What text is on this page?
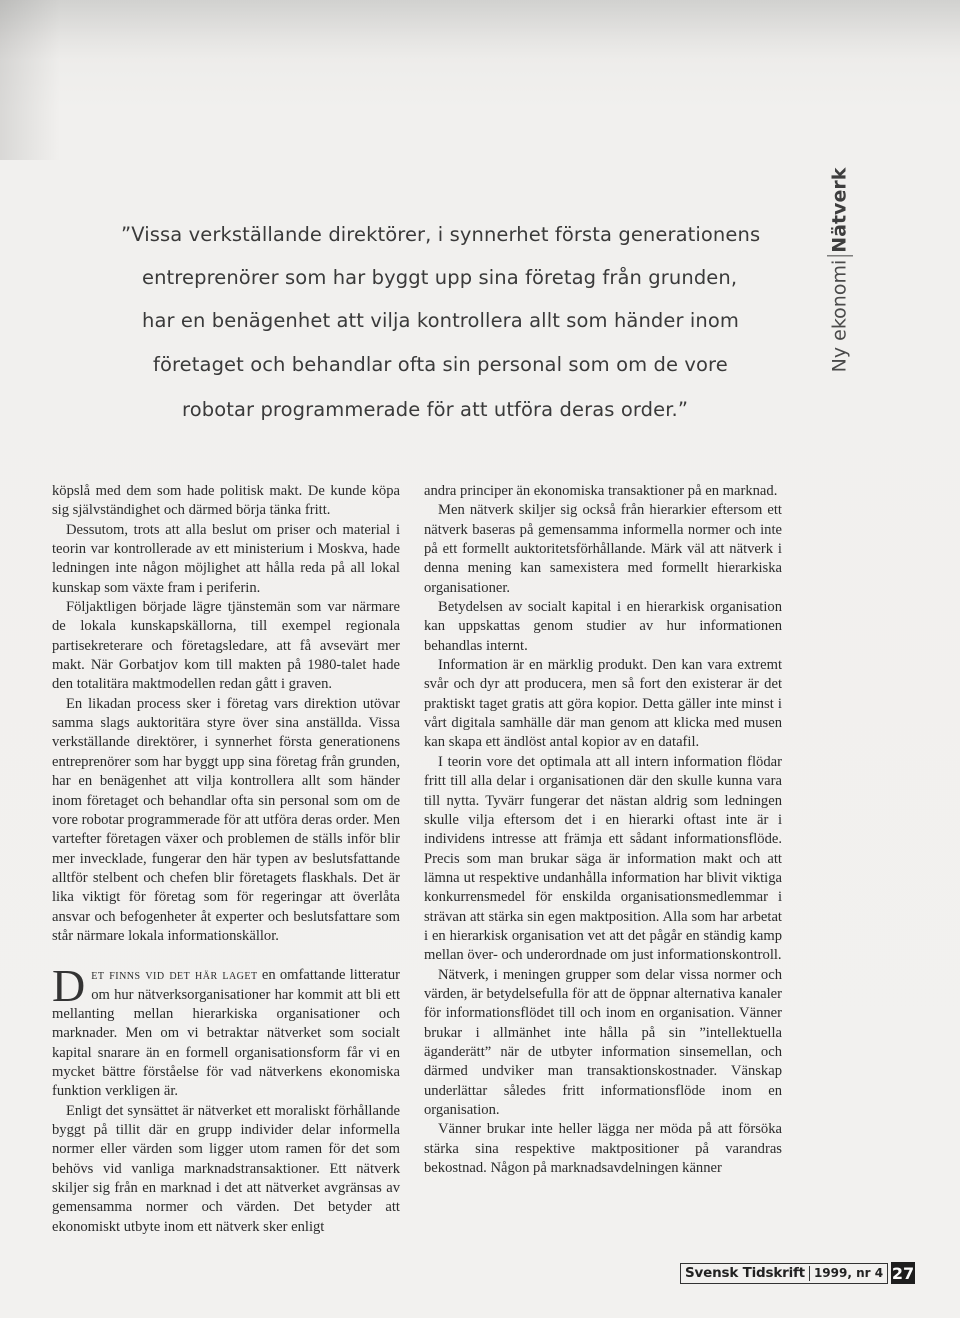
”Vissa verkställande direktörer, i synnerhet första generationens
entreprenörer som har byggt upp sina företag från grunden,
har en benägenhet att vilja kontrollera allt som händer inom
företaget och behandlar ofta sin personal som om de vore
robotar programmerade för att utföra deras order.”
Ny ekonomiNätverk

köpslå med dem som hade politisk makt. De kunde köpa sig självständighet och därmed börja tänka fritt.

Dessutom, trots att alla beslut om priser och material i teorin var kontrollerade av ett ministerium i Moskva, hade ledningen inte någon möjlighet att hålla reda på all lokal kunskap som växte fram i periferin.

Följaktligen började lägre tjänstemän som var närmare de lokala kunskapskällorna, till exempel regionala partisekreterare och företagsledare, att få avsevärt mer makt. När Gorbatjov kom till makten på 1980-talet hade den totalitära maktmodellen redan gått i graven.

En likadan process sker i företag vars direktion utövar samma slags auktoritära styre över sina anställda. Vissa verkställande direktörer, i synnerhet första generationens entreprenörer som har byggt upp sina företag från grunden, har en benägenhet att vilja kontrollera allt som händer inom företaget och behandlar ofta sin personal som om de vore robotar programmerade för att utföra deras order. Men vartefter företagen växer och problemen de ställs inför blir mer invecklade, fungerar den här typen av beslutsfattande alltför stelbent och chefen blir företagets flaskhals. Det är lika viktigt för företag som för regeringar att överlåta ansvar och befogenheter åt experter och beslutsfattare som står närmare lokala informationskällor.

Det finns vid det här laget en omfattande litteratur om hur nätverksorganisationer har kommit att bli ett mellanting mellan hierarkiska organisationer och marknader. Men om vi betraktar nätverket som socialt kapital snarare än en formell organisationsform får vi en mycket bättre förståelse för vad nätverkens ekonomiska funktion verkligen är.

Enligt det synsättet är nätverket ett moraliskt förhållande byggt på tillit där en grupp individer delar informella normer eller värden som ligger utom ramen för det som behövs vid vanliga marknadstransaktioner. Ett nätverk skiljer sig från en marknad i det att nätverket avgränsas av gemensamma normer och värden. Det betyder att ekonomiskt utbyte inom ett nätverk sker enligt

andra principer än ekonomiska transaktioner på en marknad.

Men nätverk skiljer sig också från hierarkier eftersom ett nätverk baseras på gemensamma informella normer och inte på ett formellt auktoritetsförhållande. Märk väl att nätverk i denna mening kan samexistera med formellt hierarkiska organisationer.

Betydelsen av socialt kapital i en hierarkisk organisation kan uppskattas genom studier av hur informationen behandlas internt.

Information är en märklig produkt. Den kan vara extremt svår och dyr att producera, men så fort den existerar är det praktiskt taget gratis att göra kopior. Detta gäller inte minst i vårt digitala samhälle där man genom att klicka med musen kan skapa ett ändlöst antal kopior av en datafil.

I teorin vore det optimala att all intern information flödar fritt till alla delar i organisationen där den skulle kunna vara till nytta. Tyvärr fungerar det nästan aldrig som ledningen skulle vilja eftersom det i en hierarki oftast inte är i individens intresse att främja ett sådant informationsflöde. Precis som man brukar säga är information makt och att lämna ut respektive undanhålla information har blivit viktiga konkurrensmedel för enskilda organisationsmedlemmar i strävan att stärka sin egen maktposition. Alla som har arbetat i en hierarkisk organisation vet att det pågår en ständig kamp mellan över- och underordnade om just informationskontroll.

Nätverk, i meningen grupper som delar vissa normer och värden, är betydelsefulla för att de öppnar alternativa kanaler för informationsflödet till och inom en organisation. Vänner brukar i allmänhet inte hålla på sin ”intellektuella äganderätt” när de utbyter information sinsemellan, och därmed undviker man transaktionskostnader. Vänskap underlättar således fritt informationsflöde inom en organisation.

Vänner brukar inte heller lägga ner möda på att försöka stärka sina respektive maktpositioner på varandras bekostnad. Någon på marknadsavdelningen känner

Svensk Tidskrift 1999, nr 4 27
